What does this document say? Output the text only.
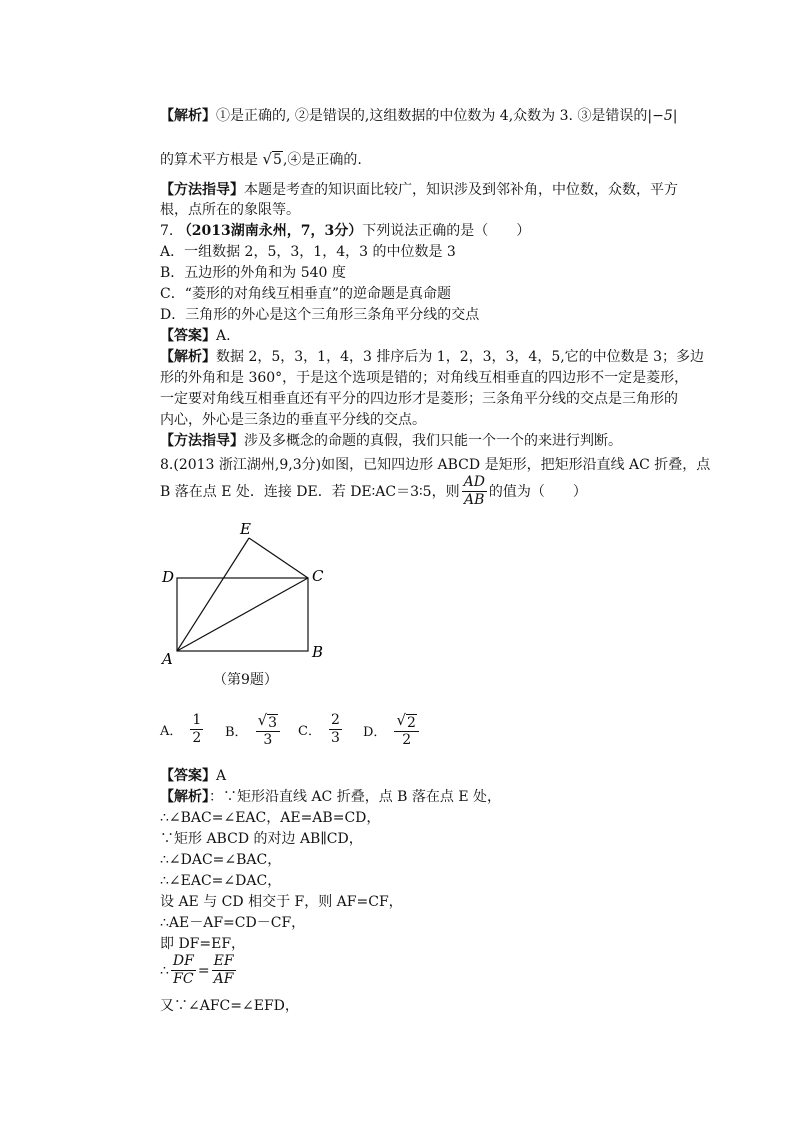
【解析】①是正确的, ②是错误的,这组数据的中位数为 4,众数为 3. ③是错误的|−5|
的算术平方根是 √ 5 ,④是正确的.
【方法指导】本题是考查的知识面比较广，知识涉及到邻补角，中位数，众数，平方
根，点所在的象限等。
7. （2013湖南永州，7，3分）下列说法正确的是（　　）
A．一组数据 2，5，3，1，4，3 的中位数是 3
B．五边形的外角和为 540 度
C．“菱形的对角线互相垂直”的逆命题是真命题
D．三角形的外心是这个三角形三条角平分线的交点
【答案】A.
【解析】数据 2，5，3，1，4，3 排序后为 1，2，3，3，4，5,它的中位数是 3；多边
形的外角和是 360°，于是这个选项是错的；对角线互相垂直的四边形不一定是菱形，
一定要对角线互相垂直还有平分的四边形才是菱形；三条角平分线的交点是三角形的
内心，外心是三条边的垂直平分线的交点。
【方法指导】涉及多概念的命题的真假，我们只能一个一个的来进行判断。
8.(2013 浙江湖州,9,3分)如图，已知四边形 ABCD 是矩形，把矩形沿直线 AC 折叠，点
B 落在点 E 处．连接 DE．若 DE∶AC＝3∶5，则 $\frac{AD}{AB}$ 的值为（　　）
E
D	C
A	B
（第9题）
A． $\frac{1}{2}$ B． $\frac{√ 3}{3}$ C． $\frac{2}{3}$ D． $\frac{√ 2}{2}$
【答案】A
【解析】：∵矩形沿直线 AC 折叠，点 B 落在点 E 处，
∴∠BAC=∠EAC，AE=AB=CD，
∵矩形 ABCD 的对边 AB∥CD，
∴∠DAC=∠BAC，
∴∠EAC=∠DAC，
设 AE 与 CD 相交于 F，则 AF=CF，
∴AE－AF=CD－CF，
即 DF=EF，
∴ $\frac{DF}{FC} = \frac{EF}{AF}$
又∵∠AFC=∠EFD，
